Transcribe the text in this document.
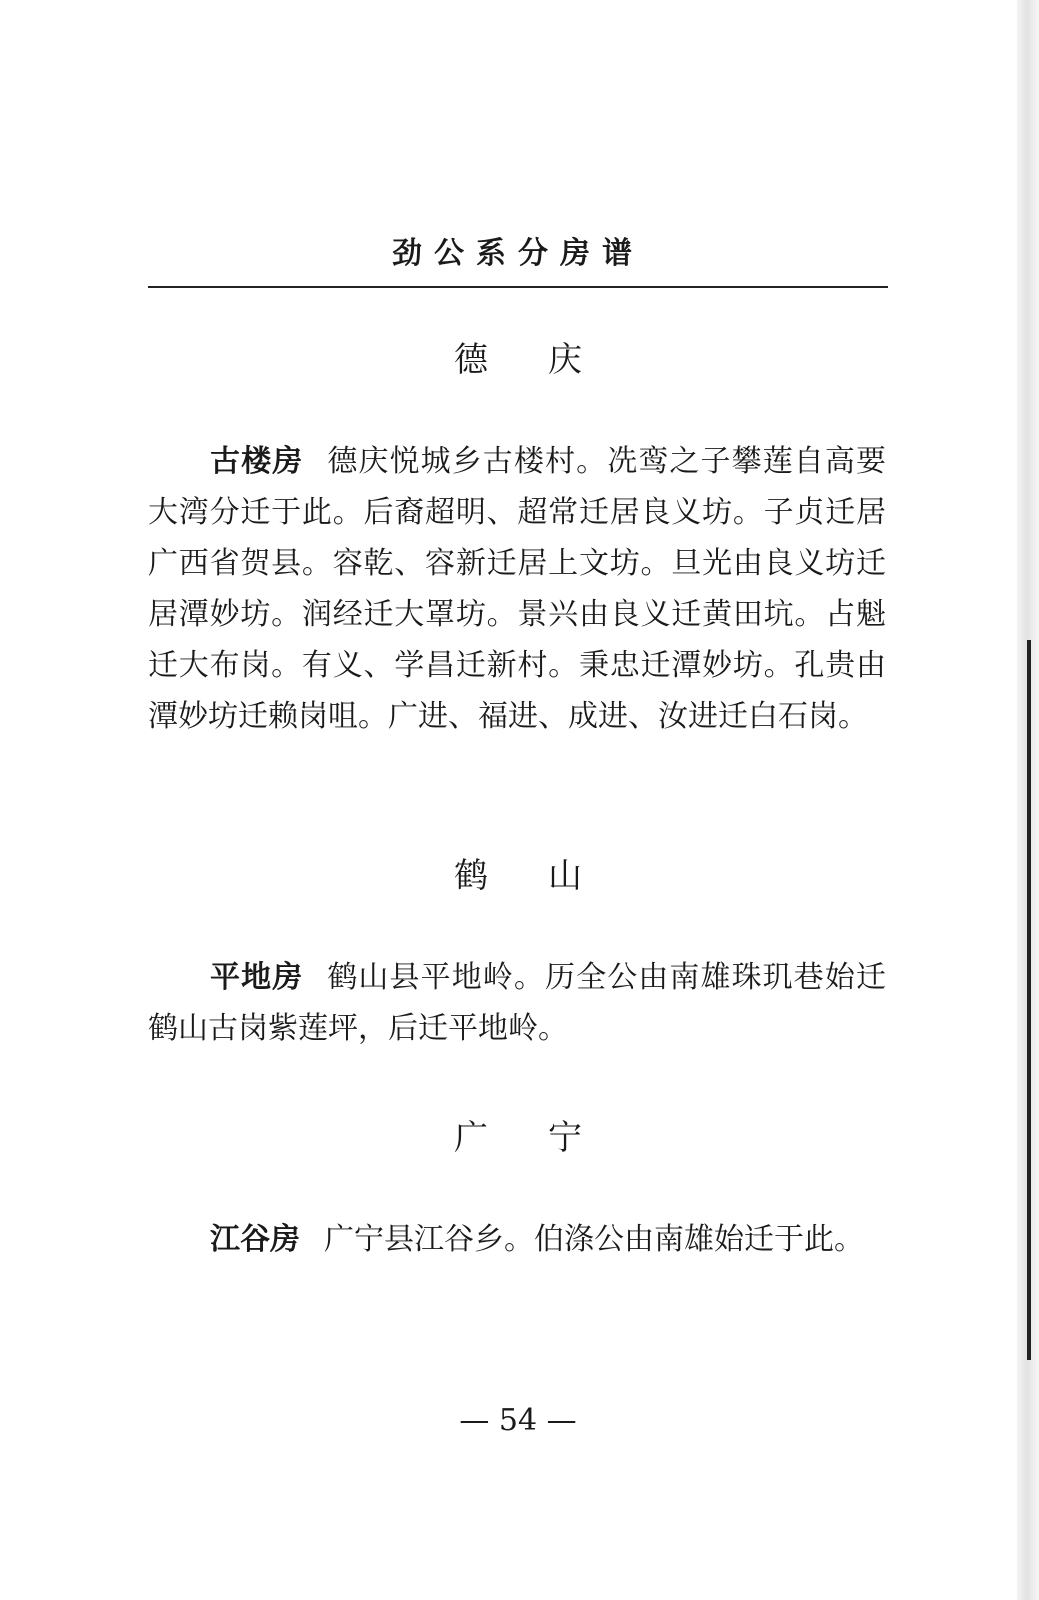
劲公系分房谱
德庆

古楼房 德庆悦城乡古楼村。冼鸾之子攀莲自高要大湾分迁于此。后裔超明、超常迁居良义坊。子贞迁居广西省贺县。容乾、容新迁居上文坊。旦光由良义坊迁居潭妙坊。润经迁大罩坊。景兴由良义迁黄田坑。占魁迁大布岗。有义、学昌迁新村。秉忠迁潭妙坊。孔贵由潭妙坊迁赖岗咀。广进、福进、成进、汝进迁白石岗。

鹤山

平地房 鹤山县平地岭。历全公由南雄珠玑巷始迁鹤山古岗紫莲坪，后迁平地岭。

广宁

江谷房 广宁县江谷乡。伯涤公由南雄始迁于此。

— 54 —
